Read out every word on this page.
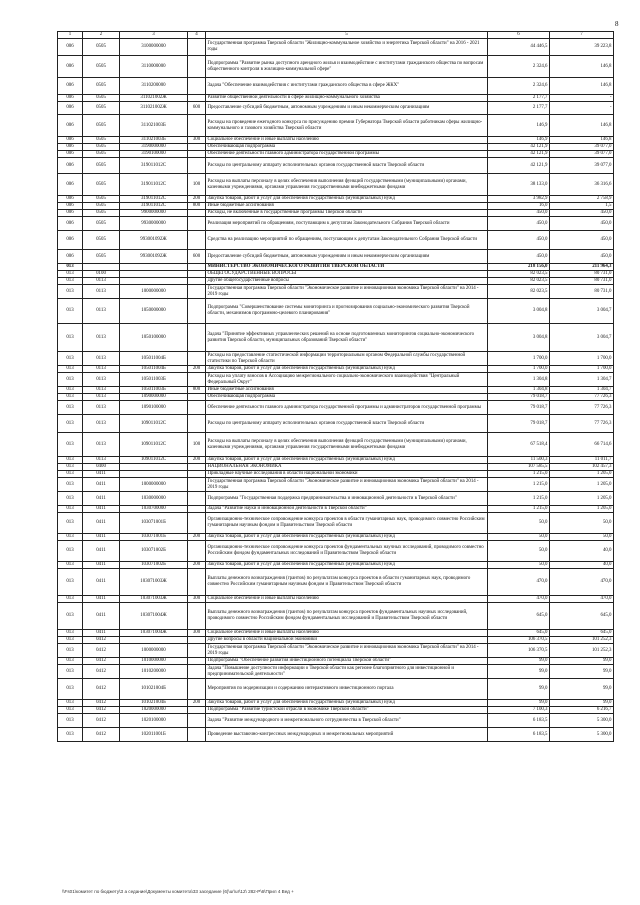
8
1	2	3	4	5	6	7
006	0505	3100000000		Государственная программа Тверской области "Жилищно-коммунальное хозяйство и энергетика Тверской области" на 2016 - 2021 годы	44 446,5	39 223,8
006	0505	3110000000		Подпрограмма "Развитие рынка доступного арендного жилья и взаимодействие с институтами гражданского общества по вопросам общественного контроля в жилищно-коммунальной сфере"	2 324,6	146,8
006	0505	3110200000		Задача "Обеспечение взаимодействия с институтами гражданского общества в сфере ЖКХ"	2 324,6	146,8
006	0505	311021002Ж		Развитие общественной деятельности в сфере жилищно-коммунального хозяйства	2 177,7	-
006	0505	311021002Ж	600	Предоставление субсидий бюджетным, автономным учреждениям и иным некоммерческим организациям	2 177,7	-
006	0505	311021003Б		Расходы на проведение ежегодного конкурса по присуждению премии Губернатора Тверской области работникам сферы жилищно-коммунального и газового хозяйства Тверской области	146,9	146,8
006	0505	311021003Б	300	Социальное обеспечение и иные выплаты населению	146,9	146,8
006	0505	3190000000		Обеспечивающая подпрограмма	42 121,9	39 077,0
006	0505	3190100000		Обеспечение деятельности главного администратора государственной программы	42 121,9	39 077,0
006	0505	319011012С		Расходы по центральному аппарату исполнительных органов государственной власти Тверской области	42 121,9	39 077,0
006	0505	319011012С	100	Расходы на выплаты персоналу в целях обеспечения выполнения функций государственными (муниципальными) органами, казенными учреждениями, органами управления государственными внебюджетными фондами	38 133,0	36 316,6
006	0505	319011012С	200	Закупка товаров, работ и услуг для обеспечения государственных (муниципальных) нужд	3 982,9	2 758,9
006	0505	319011012С	800	Иные бюджетные ассигнования	16,0	1,5
006	0505	9900000000		Расходы, не включенные в государственные программы Тверской области	450,0	450,0
006	0505	9930000000		Реализация мероприятий по обращениям, поступающим к депутатам Законодательного Собрания Тверской области	450,0	450,0
006	0505	993001092Ж		Средства на реализацию мероприятий по обращениям, поступающим к депутатам Законодательного Собрания Тверской области	450,0	450,0
006	0505	993001092Ж	600	Предоставление субсидий бюджетным, автономным учреждениям и иным некоммерческим организациям	450,0	450,0
013				МИНИСТЕРСТВО ЭКОНОМИЧЕСКОГО РАЗВИТИЯ ТВЕРСКОЙ ОБЛАСТИ	218 156,0	211 964,3
013	0100			ОБЩЕГОСУДАРСТВЕННЫЕ ВОПРОСЫ	82 023,5	80 731,0
013	0113			Другие общегосударственные вопросы	82 023,5	80 731,0
013	0113	1000000000		Государственная программа Тверской области "Экономическое развитие и инновационная экономика Тверской области" на 2014 - 2019 годы	82 023,5	80 731,0
013	0113	1050000000		Подпрограмма "Совершенствование системы мониторинга и прогнозирования социально-экономического развития Тверской области, механизмов программно-целевого планирования"	3 004,8	3 004,7
013	0113	1050100000		Задача "Принятие эффективных управленческих решений на основе подготовленных мониторингов социально-экономического развития Тверской области, муниципальных образований Тверской области"	3 004,8	3 004,7
013	0113	105011004Б		Расходы на предоставление статистической информации территориальным органом Федеральной службы государственной статистики по Тверской области	1 700,0	1 700,0
013	0113	105011004Б	200	Закупка товаров, работ и услуг для обеспечения государственных (муниципальных) нужд	1 700,0	1 700,0
013	0113	105011003Б		Расходы на уплату взносов в Ассоциацию межрегионального социально-экономического взаимодействия "Центральный Федеральный Округ"	1 304,8	1 304,7
013	0113	105011003Б	800	Иные бюджетные ассигнования	1 304,8	1 304,7
013	0113	1090000000		Обеспечивающая подпрограмма	79 018,7	77 726,3
013	0113	1090100000		Обеспечение деятельности главного администратора государственной программы и администраторов государственной программы	79 018,7	77 726,3
013	0113	109011012С		Расходы по центральному аппарату исполнительных органов государственной власти Тверской области	79 018,7	77 726,3
013	0113	109011012С	100	Расходы на выплаты персоналу в целях обеспечения выполнения функций государственными (муниципальными) органами, казенными учреждениями, органами управления государственными внебюджетными фондами	67 518,4	66 714,6
013	0113	109011012С	200	Закупка товаров, работ и услуг для обеспечения государственных (муниципальных) нужд	11 500,3	11 011,7
013	0400			НАЦИОНАЛЬНАЯ ЭКОНОМИКА	107 585,5	102 457,3
013	0411			Прикладные научные исследования в области национальной экономики	1 215,0	1 205,0
013	0411	1000000000		Государственная программа Тверской области "Экономическое развитие и инновационная экономика Тверской области" на 2014 - 2019 годы	1 215,0	1 205,0
013	0411	1030000000		Подпрограмма "Государственная поддержка предпринимательства и инновационной деятельности в Тверской области"	1 215,0	1 205,0
013	0411	1030700000		Задача "Развитие науки и инновационной деятельности в Тверской области"	1 215,0	1 205,0
013	0411	103071001Б		Организационно-техническое сопровождение конкурса проектов в области гуманитарных наук, проводимого совместно Российским гуманитарным научным фондом и Правительством Тверской области	50,0	50,0
013	0411	103071001Б	200	Закупка товаров, работ и услуг для обеспечения государственных (муниципальных) нужд	50,0	50,0
013	0411	103071002Б		Организационно-техническое сопровождение конкурса проектов фундаментальных научных исследований, проводимого совместно Российским фондом фундаментальных исследований и Правительством Тверской области	50,0	40,0
013	0411	103071002Б	200	Закупка товаров, работ и услуг для обеспечения государственных (муниципальных) нужд	50,0	40,0
013	0411	103071003Ж		Выплаты денежного вознаграждения (грантов) по результатам конкурса проектов в области гуманитарных наук, проводимого совместно Российским гуманитарным научным фондом и Правительством Тверской области	470,0	470,0
013	0411	103071003Ж	300	Социальное обеспечение и иные выплаты населению	470,0	470,0
013	0411	103071004Ж		Выплаты денежного вознаграждения (грантов) по результатам конкурса проектов фундаментальных научных исследований, проводимого совместно Российским фондом фундаментальных исследований и Правительством Тверской области	645,0	645,0
013	0411	103071004Ж	300	Социальное обеспечение и иные выплаты населению	645,0	645,0
013	0412			Другие вопросы в области национальной экономики	106 370,5	101 252,3
013	0412	1000000000		Государственная программа Тверской области "Экономическое развитие и инновационная экономика Тверской области" на 2014 - 2019 годы	106 370,5	101 252,3
013	0412	1010000000		Подпрограмма "Обеспечение развития инвестиционного потенциала Тверской области"	99,0	99,0
013	0412	1010200000		Задача "Повышение доступности информации о Тверской области как регионе благоприятного для инвестиционной и предпринимательской деятельности"	99,0	99,0
013	0412	101021004Б		Мероприятия по модернизации и содержанию интерактивного инвестиционного портала	99,0	99,0
013	0412	101021004Б	200	Закупка товаров, работ и услуг для обеспечения государственных (муниципальных) нужд	99,0	99,0
013	0412	1020000000		Подпрограмма "Развитие туристской отрасли в экономике Тверской области"	7 100,3	6 216,7
013	0412	1020100000		Задача "Развитие международного и межрегионального сотрудничества в Тверской области"	6 183,5	5 300,0
013	0412	102011001Б		Проведение выставочно-конгрессных международных и межрегиональных мероприятий	6 183,5	5 300,0
\\Fs01\комитет по бюджету\З а седание\Документы комитета\33 заседание (6)\ur\ur\12\ 282-Р\6\Прил 4 Вед +
